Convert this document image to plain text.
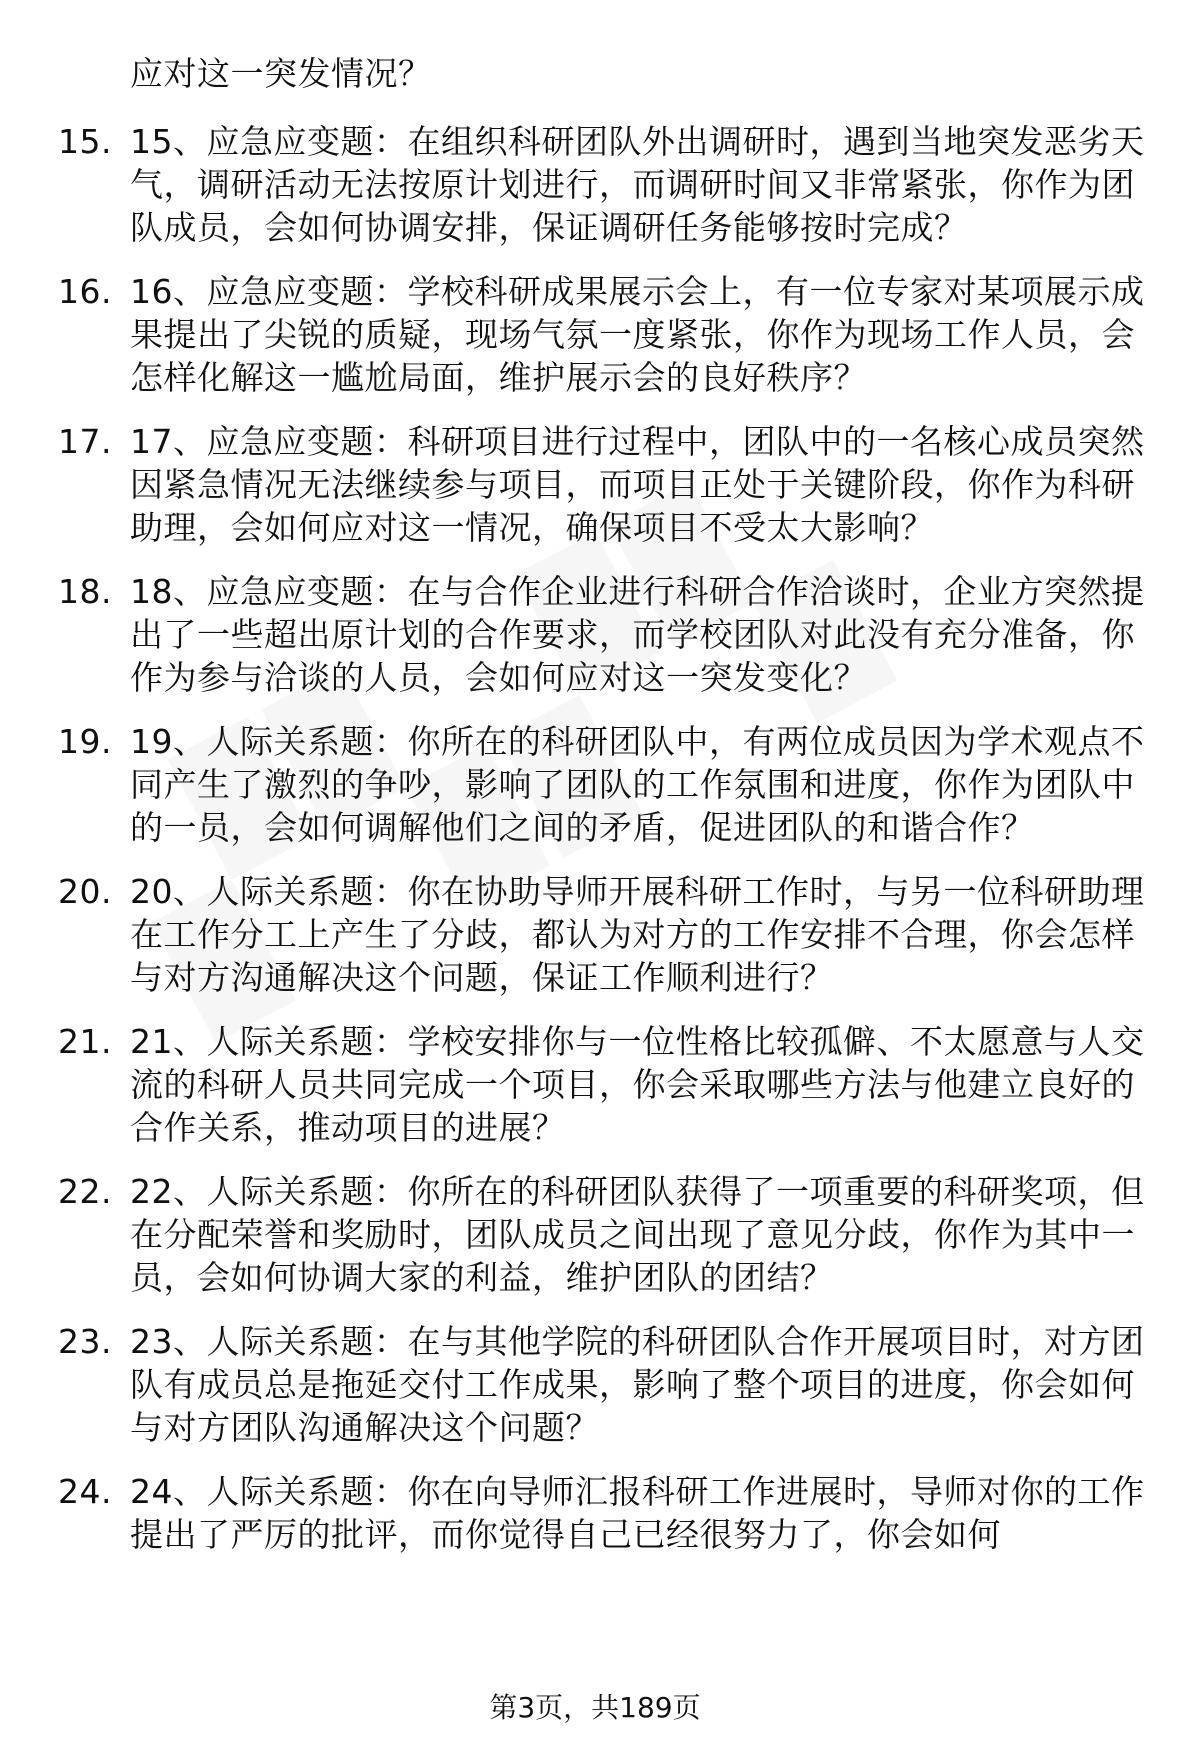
应对这一突发情况？
15. 15、应急应变题：在组织科研团队外出调研时，遇到当地突发恶劣天气，调研活动无法按原计划进行，而调研时间又非常紧张，你作为团队成员，会如何协调安排，保证调研任务能够按时完成？
16. 16、应急应变题：学校科研成果展示会上，有一位专家对某项展示成果提出了尖锐的质疑，现场气氛一度紧张，你作为现场工作人员，会怎样化解这一尴尬局面，维护展示会的良好秩序？
17. 17、应急应变题：科研项目进行过程中，团队中的一名核心成员突然因紧急情况无法继续参与项目，而项目正处于关键阶段，你作为科研助理，会如何应对这一情况，确保项目不受太大影响？
18. 18、应急应变题：在与合作企业进行科研合作洽谈时，企业方突然提出了一些超出原计划的合作要求，而学校团队对此没有充分准备，你作为参与洽谈的人员，会如何应对这一突发变化？
19. 19、人际关系题：你所在的科研团队中，有两位成员因为学术观点不同产生了激烈的争吵，影响了团队的工作氛围和进度，你作为团队中的一员，会如何调解他们之间的矛盾，促进团队的和谐合作？
20. 20、人际关系题：你在协助导师开展科研工作时，与另一位科研助理在工作分工上产生了分歧，都认为对方的工作安排不合理，你会怎样与对方沟通解决这个问题，保证工作顺利进行？
21. 21、人际关系题：学校安排你与一位性格比较孤僻、不太愿意与人交流的科研人员共同完成一个项目，你会采取哪些方法与他建立良好的合作关系，推动项目的进展？
22. 22、人际关系题：你所在的科研团队获得了一项重要的科研奖项，但在分配荣誉和奖励时，团队成员之间出现了意见分歧，你作为其中一员，会如何协调大家的利益，维护团队的团结？
23. 23、人际关系题：在与其他学院的科研团队合作开展项目时，对方团队有成员总是拖延交付工作成果，影响了整个项目的进度，你会如何与对方团队沟通解决这个问题？
24. 24、人际关系题：你在向导师汇报科研工作进展时，导师对你的工作提出了严厉的批评，而你觉得自己已经很努力了，你会如何
第3页，共189页
